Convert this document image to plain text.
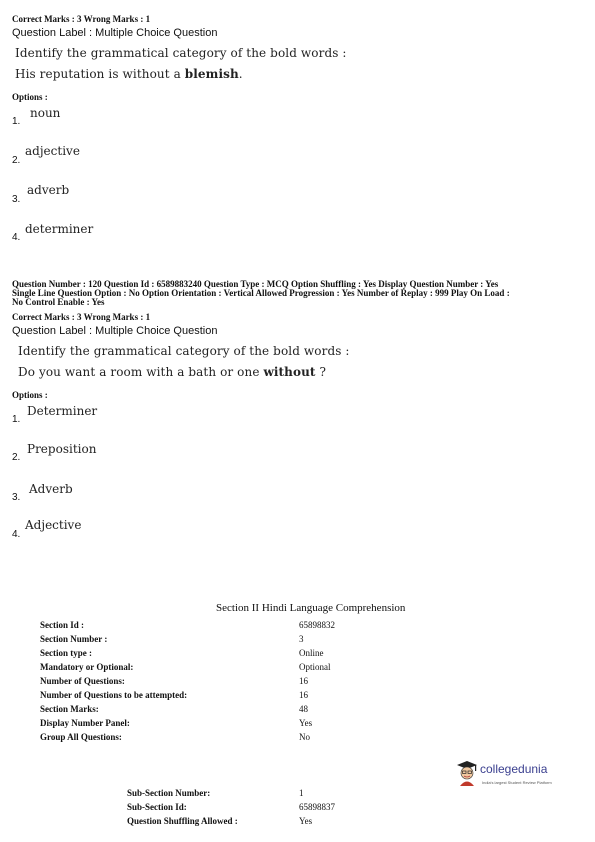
Correct Marks : 3 Wrong Marks : 1
Question Label : Multiple Choice Question
Identify the grammatical category of the bold words :
His reputation is without a blemish.
Options :
1.
noun
2.
adjective
3.
adverb
4.
determiner
Question Number : 120 Question Id : 6589883240 Question Type : MCQ Option Shuffling : Yes Display Question Number : Yes
Single Line Question Option : No Option Orientation : Vertical Allowed Progression : Yes Number of Replay : 999 Play On Load :
No Control Enable : Yes
Correct Marks : 3 Wrong Marks : 1
Question Label : Multiple Choice Question
Identify the grammatical category of the bold words :
Do you want a room with a bath or one without ?
Options :
1.
Determiner
2.
Preposition
3.
Adverb
4.
Adjective
Section II Hindi Language Comprehension
Section Id :	65898832
Section Number :	3
Section type :	Online
Mandatory or Optional:	Optional
Number of Questions:	16
Number of Questions to be attempted:	16
Section Marks:	48
Display Number Panel:	Yes
Group All Questions:	No
collegedunia
India's largest Student Review Platform
Sub-Section Number:	1
Sub-Section Id:	65898837
Question Shuffling Allowed :	Yes
